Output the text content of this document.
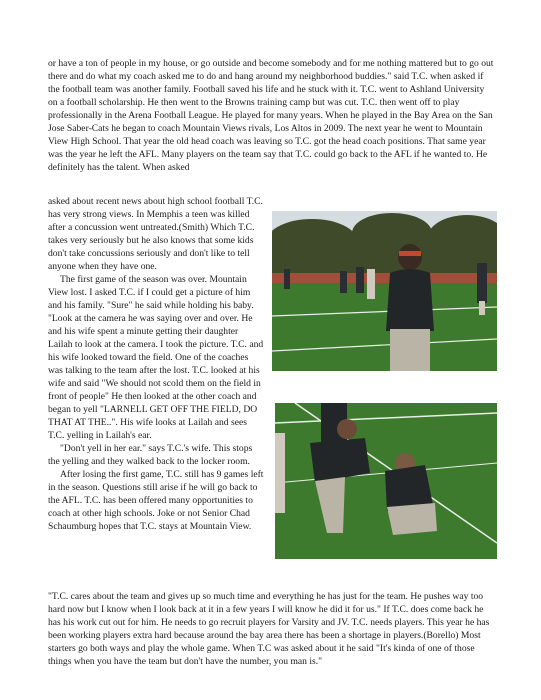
or have a ton of people in my house, or go outside and become somebody and for me nothing mattered but to go out there and do what my coach asked me to do and hang around my neighborhood buddies." said T.C. when asked if the football team was another family. Football saved his life and he stuck with it. T.C. went to Ashland University on a football scholarship. He then went to the Browns training camp but was cut. T.C. then went off to play professionally in the Arena Football League. He played for many years. When he played in the Bay Area on the San Jose Saber-Cats he began to coach Mountain Views rivals, Los Altos in 2009. The next year he went to Mountain View High School. That year the old head coach was leaving so T.C. got the head coach positions. That same year was the year he left the AFL. Many players on the team say that T.C. could go back to the AFL if he wanted to. He definitely has the talent. When asked

asked about recent news about high school football T.C. has very strong views. In Memphis a teen was killed after a concussion went untreated.(Smith) Which T.C. takes very seriously but he also knows that some kids don't take concussions seriously and don't like to tell anyone when they have one.

The first game of the season was over. Mountain View lost. I asked T.C. if I could get a picture of him and his family. "Sure" he said while holding his baby. "Look at the camera he was saying over and over. He and his wife spent a minute getting their daughter Lailah to look at the camera. I took the picture. T.C. and his wife looked toward the field. One of the coaches was talking to the team after the lost. T.C. looked at his wife and said "We should not scold them on the field in front of people" He then looked at the other coach and began to yell "LARNELL GET OFF THE FIELD, DO THAT AT THE..". His wife looks at Lailah and sees T.C. yelling in Lailah's ear.

"Don't yell in her ear." says T.C.'s wife. This stops the yelling and they walked back to the locker room.

After losing the first game, T.C. still has 9 games left in the season. Questions still arise if he will go back to the AFL. T.C. has been offered many opportunities to coach at other high schools. Joke or not Senior Chad Schaumburg hopes that T.C. stays at Mountain View.

"T.C. cares about the team and gives up so much time and everything he has just for the team. He pushes way too hard now but I know when I look back at it in a few years I will know he did it for us." If T.C. does come back he has his work cut out for him. He needs to go recruit players for Varsity and JV. T.C. needs players. This year he has been working players extra hard because around the bay area there has been a shortage in players.(Borello) Most starters go both ways and play the whole game. When T.C was asked about it he said "It's kinda of one of those things when you have the team but don't have the number, you man is."
